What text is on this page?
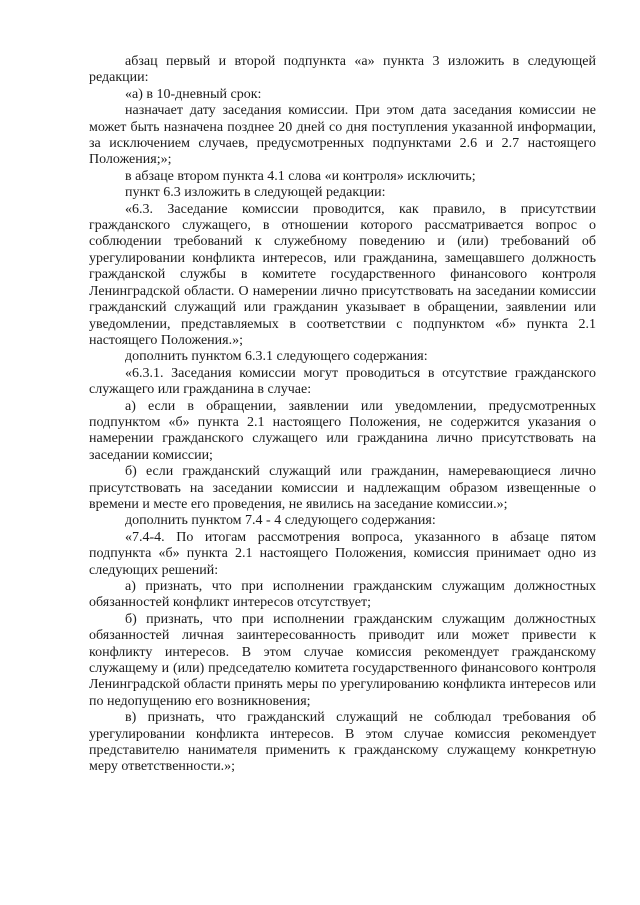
абзац первый и второй подпункта «а» пункта 3 изложить в следующей редакции:

«а) в 10-дневный срок:

назначает дату заседания комиссии. При этом дата заседания комиссии не может быть назначена позднее 20 дней со дня поступления указанной информации, за исключением случаев, предусмотренных подпунктами 2.6 и 2.7 настоящего Положения;»;

в абзаце втором пункта 4.1 слова «и контроля» исключить;

пункт 6.3 изложить в следующей редакции:

«6.3. Заседание комиссии проводится, как правило, в присутствии гражданского служащего, в отношении которого рассматривается вопрос о соблюдении требований к служебному поведению и (или) требований об урегулировании конфликта интересов, или гражданина, замещавшего должность гражданской службы в комитете государственного финансового контроля Ленинградской области. О намерении лично присутствовать на заседании комиссии гражданский служащий или гражданин указывает в обращении, заявлении или уведомлении, представляемых в соответствии с подпунктом «б» пункта 2.1 настоящего Положения.»;

дополнить пунктом 6.3.1 следующего содержания:

«6.3.1. Заседания комиссии могут проводиться в отсутствие гражданского служащего или гражданина в случае:

а) если в обращении, заявлении или уведомлении, предусмотренных подпунктом «б» пункта 2.1 настоящего Положения, не содержится указания о намерении гражданского служащего или гражданина лично присутствовать на заседании комиссии;

б) если гражданский служащий или гражданин, намеревающиеся лично присутствовать на заседании комиссии и надлежащим образом извещенные о времени и месте его проведения, не явились на заседание комиссии.»;

дополнить пунктом 7.4 - 4 следующего содержания:

«7.4-4. По итогам рассмотрения вопроса, указанного в абзаце пятом подпункта «б» пункта 2.1 настоящего Положения, комиссия принимает одно из следующих решений:

а) признать, что при исполнении гражданским служащим должностных обязанностей конфликт интересов отсутствует;

б) признать, что при исполнении гражданским служащим должностных обязанностей личная заинтересованность приводит или может привести к конфликту интересов. В этом случае комиссия рекомендует гражданскому служащему и (или) председателю комитета государственного финансового контроля Ленинградской области принять меры по урегулированию конфликта интересов или по недопущению его возникновения;

в) признать, что гражданский служащий не соблюдал требования об урегулировании конфликта интересов. В этом случае комиссия рекомендует представителю нанимателя применить к гражданскому служащему конкретную меру ответственности.»;
